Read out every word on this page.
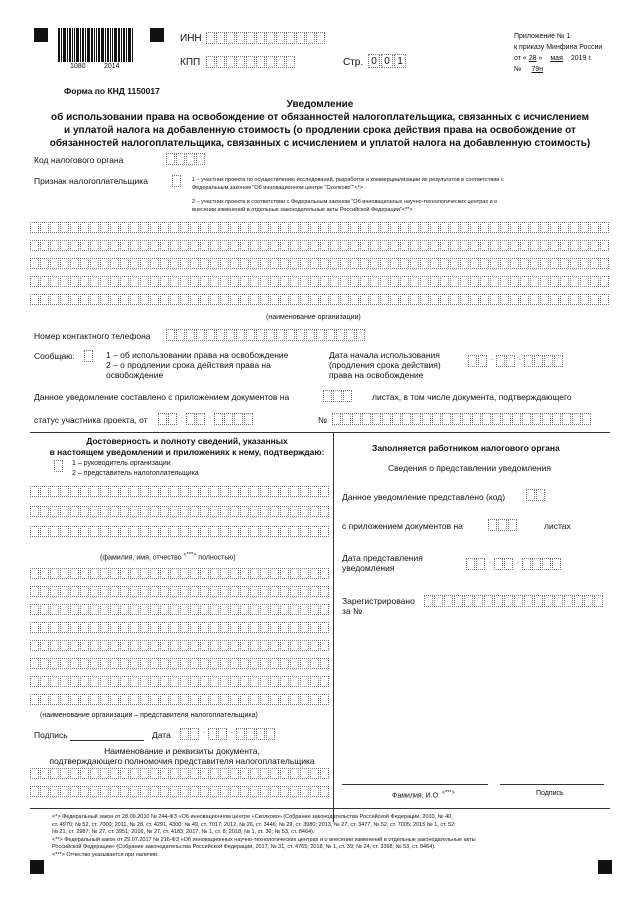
1080	2014
ИНН
КПП	Стр. 0 0 1
Приложение № 1
к приказу Минфина России
от « 28 » мая 2019 г.
№ 79н
Форма по КНД 1150017
Уведомление
об использовании права на освобождение от обязанностей налогоплательщика, связанных с исчислением
и уплатой налога на добавленную стоимость (о продлении срока действия права на освобождение от
обязанностей налогоплательщика, связанных с исчислением и уплатой налога на добавленную стоимость)
Код налогового органа
Признак налогоплательщика	1 – участник проекта по осуществлению исследований, разработок и коммерциализации их результатов в соответствии с
Федеральным законом "Об инновационном центре "Сколково""<*>
2 – участник проекта в соответствии с Федеральным законом "Об инновационных научно-технологических центрах и о
внесении изменений в отдельные законодательные акты Российской Федерации"<**>
(наименование организации)
Номер контактного телефона
Сообщаю:	1 – об использовании права на освобождение
2 – о продлении срока действия права на
освобождение
Дата начала использования
(продления срока действия)
права на освобождение
.	.
Данное уведомление составлено с приложением документов на	листах, в том числе документа, подтверждающего
статус участника проекта, от	.	.	№
Достоверность и полноту сведений, указанных
в настоящем уведомлении и приложениях к нему, подтверждаю:
1 – руководитель организации
2 – представитель налогоплательщика
(фамилия, имя, отчество <***> полностью)
(наименование организации – представителя налогоплательщика)
Подпись	Дата	.	.
Наименование и реквизиты документа,
подтверждающего полномочия представителя налогоплательщика
Заполняется работником налогового органа
Сведения о представлении уведомления
Данное уведомление представлено (код)
с приложением документов на	листах
Дата представления
уведомления
.	.
Зарегистрировано
за №
Фамилия, И.О. <***>	Подпись
<*> Федеральный закон от 28.09.2010 № 244-ФЗ «Об инновационном центре «Сколково» (Собрание законодательства Российской Федерации, 2010, № 40,
ст. 4970; № 52, ст. 7000; 2011, № 28, ст. 4291, 4300; № 49, ст. 7017; 2012, № 26, ст. 3446; № 29, ст. 3980; 2013, № 27, ст. 3477, № 52, ст. 7005; 2015 № 1, ст. 52;
№ 21, ст. 2987; № 27, ст. 3951; 2016, № 27, ст. 4183; 2017, № 1, ст. 8; 2018, № 1, ст. 36; № 53, ст. 8464).
<**> Федеральный закон от 29.07.2017 № 216-ФЗ «Об инновационных научно-технологических центрах и о внесении изменений в отдельные законодательные акты
Российской Федерации» (Собрание законодательства Российской Федерации, 2017, № 31, ст. 4765; 2018, № 1, ст. 39; № 24, ст. 3398; № 53, ст. 8464).
<***> Отчество указывается при наличии.
